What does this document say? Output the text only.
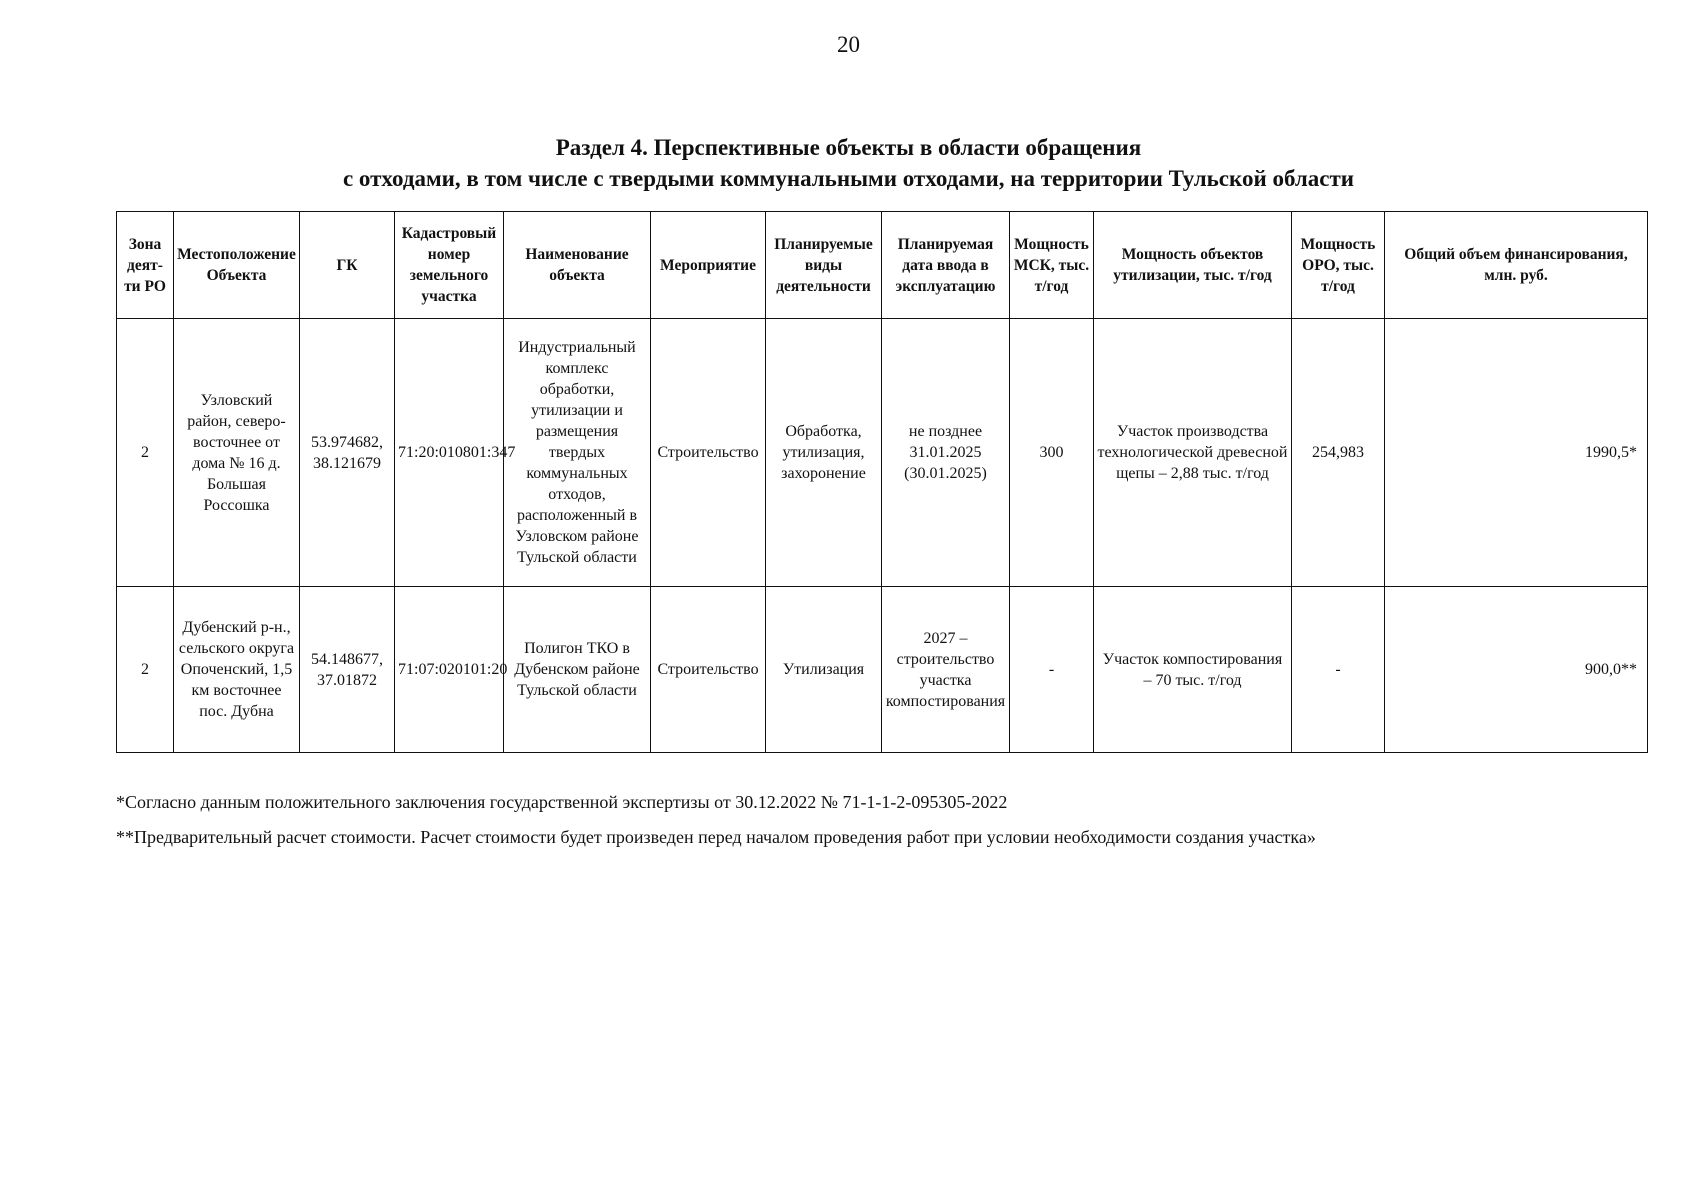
20
Раздел 4. Перспективные объекты в области обращения
с отходами, в том числе с твердыми коммунальными отходами, на территории Тульской области
Зона деят-ти РО	Местоположение Объекта	ГК	Кадастровый номер земельного участка	Наименование объекта	Мероприятие	Планируемые виды деятельности	Планируемая дата ввода в эксплуатацию	Мощность МСК, тыс. т/год	Мощность объектов утилизации, тыс. т/год	Мощность ОРО, тыс. т/год	Общий объем финансирования, млн. руб.
2	Узловский район, северо-восточнее от дома № 16 д. Большая Россошка	53.974682, 38.121679	71:20:010801:347	Индустриальный комплекс обработки, утилизации и размещения твердых коммунальных отходов, расположенный в Узловском районе Тульской области	Строительство	Обработка, утилизация, захоронение	не позднее 31.01.2025 (30.01.2025)	300	Участок производства технологической древесной щепы – 2,88 тыс. т/год	254,983	1990,5*
2	Дубенский р-н., сельского округа Опоченский, 1,5 км восточнее пос. Дубна	54.148677, 37.01872	71:07:020101:20	Полигон ТКО в Дубенском районе Тульской области	Строительство	Утилизация	2027 – строительство участка компостирования	-	Участок компостирования – 70 тыс. т/год	-	900,0**
*Согласно данным положительного заключения государственной экспертизы от 30.12.2022 № 71-1-1-2-095305-2022
**Предварительный расчет стоимости. Расчет стоимости будет произведен перед началом проведения работ при условии необходимости создания участка»
